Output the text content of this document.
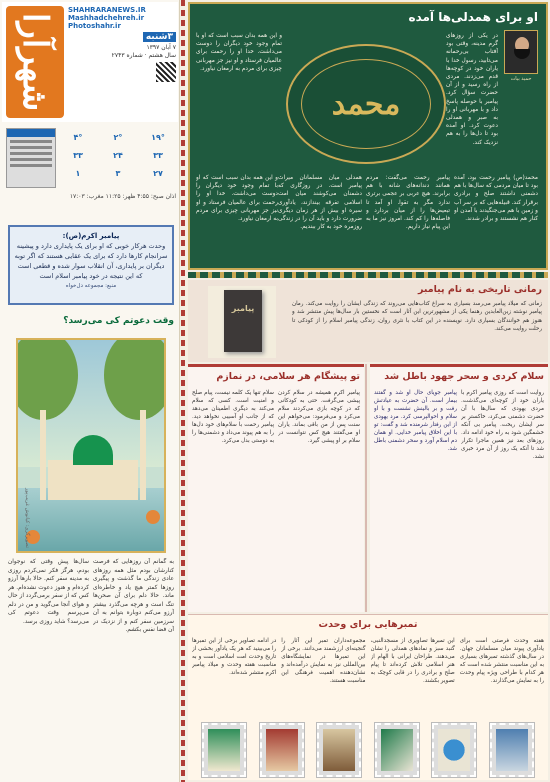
شهرآرا
SHAHRARANEWS.IR
Mashhadchehreh.ir
Photoshahr.ir
۳شنبه
۷ آبان ۱۳۹۷
سال هشتم · شماره ۲۷۴۳
۴°	۲°	۱۹°
۳۳	۲۴	۳۳
۱	۳	۲۷
اذان صبح: ۴:۵۵ ظهر: ۱۱:۲۵ مغرب: ۱۷:۰۳
پیامبر اکرم(ص):
وحدت هرکار خوبی که او برای یک پایداری دارد و پیشینه سرانجام کارها دارد که برای یک عقایی هستند که اگر توبه دیگران بر پایداری، آن انقلاب سوار شده و قطعی است که این نتیجه در خود پیامبر اسلام است
منبع: مجموعه دل‌خواه
وقت دعوتم کی می‌رسد؟
تصویرگری: کیانوش غریب‌پور
به گمانم آن روزهایی که فرصت کنارشان بودم مثل همه روزهای عادی زندگی ما گذشت و پیگیری روزها کمتر هیچ یاد و خاطره‌ای ماند. حالا دلم برای آن صحن‌ها تنگ است و هرچه می‌گذرد بیشتر آرزو می‌کنم دوباره بتوانم به آن سرزمین سفر کنم و از نزدیک در آن فضا نفس بکشم.
سال‌ها پیش وقتی که نوجوان بودم، هرگز فکر نمی‌کردم روزی به مدینه سفر کنم. حالا بارها آرزو کرده‌ام و هنوز دعوت نشده‌ام. هر کس که از سفر برمی‌گردد از حال و هوای آنجا می‌گوید و من در دلم می‌پرسم وقت دعوتم کی می‌رسد؟ شاید روزی برسد.
او برای همدلی‌ها آمده
حمید بیات
در یکی از روزهای گرم مدینه، وقتی بود آفتاب بی‌رحمانه می‌تابید، رسول خدا با یاران خود در کوچه‌ها قدم می‌زدند. مردی از راه رسید و از آن حضرت سؤال کرد. پیامبر با حوصله پاسخ داد و با مهربانی او را به صبر و همدلی دعوت کرد. او آمده بود تا دل‌ها را به هم نزدیک کند.
محمد
و این همه بدان سبب است که او با تمام وجود خود دیگران را دوست می‌داشت. خدا او را رحمت برای عالمیان فرستاد و او نیز جز مهربانی چیزی برای مردم به ارمغان نیاورد.
محمد(ص) پیامبر رحمت بود، آمده بود تا میان مردمی که سال‌ها با هم دشمنی داشتند صلح و برادری برقرار کند. قبیله‌هایی که بر سر آب و زمین با هم می‌جنگیدند با آمدن او کنار هم نشستند و برادر شدند.
پیامبر رحمت می‌گفت: مردم همانند دندانه‌های شانه با هم برابرند. هیچ عربی بر عجمی برتری ندارد مگر به تقوا. او آمد تا تبعیض‌ها را از میان بردارد و فاصله‌ها را کم کند. امروز نیز ما به این پیام نیاز داریم.
همدلی میان مسلمانان میراث پیامبر است. در روزگاری که دشمنان می‌کوشند میان امت اسلامی تفرقه بیندازند، یادآوری سیره او بیش از هر زمان دیگری ضرورت دارد و باید آن را در زندگی روزمره خود به کار ببندیم.
و این همه بدان سبب است که او با تمام وجود خود دیگران را دوست می‌داشت. خدا او را رحمت برای عالمیان فرستاد و او نیز جز مهربانی چیزی برای مردم به ارمغان نیاورد.
رمانی تاریخی به نام پیامبر
زمانی که میلاد پیامبر می‌رسد بسیاری به سراغ کتاب‌هایی می‌روند که زندگی ایشان را روایت می‌کند. رمان پیامبر نوشته زین‌العابدین رهنما یکی از مشهورترین این آثار است که نخستین بار سال‌ها پیش منتشر شد و هنوز هم خوانندگان بسیاری دارد. نویسنده در این کتاب با نثری روان، زندگی پیامبر اسلام را از کودکی تا رحلت روایت می‌کند.
پیامبر
سلام کردی و سحر جهود باطل شد
روایت است که روزی پیامبر اکرم با یاران خود از کوچه‌ای می‌گذشت. مردی یهودی که سال‌ها با آن حضرت دشمنی می‌کرد، خاکستر بر سر ایشان ریخت. پیامبر بی آنکه خشمگین شود به راه خود ادامه داد. روزهای بعد نیز همین ماجرا تکرار شد تا آنکه یک روز از آن مرد خبری نشد.
پیامبر جویای حال او شد و گفتند بیمار است. آن حضرت به عیادتش رفت و بر بالینش نشست و با او سلام و احوالپرسی کرد. مرد یهودی از این رفتار شرمنده شد و گفت: تو با این اخلاق پیامبر خدایی. او همان دم اسلام آورد و سحر دشمنی باطل شد.
تو پیشگام هر سلامی، در نمازم
پیامبر اکرم همیشه در سلام کردن پیشی می‌گرفت. حتی به کودکانی که در کوچه بازی می‌کردند سلام می‌کرد و می‌فرمود: می‌خواهم این سنت پس از من باقی بماند. یاران او می‌گفتند هیچ کس نتوانست در سلام بر او پیشی گیرد.
سلام تنها یک کلمه نیست، پیام صلح و امنیت است. کسی که سلام می‌کند به دیگری اطمینان می‌دهد که از جانب او آسیبی نخواهد دید. پیامبر رحمت با سلام‌های خود دل‌ها را به هم پیوند می‌داد و دشمنی‌ها را به دوستی بدل می‌کرد.
تمبرهایی برای وحدت
هفته وحدت فرصتی است برای یادآوری پیوند میان مسلمانان جهان. در سال‌های گذشته تمبرهای بسیاری به این مناسبت منتشر شده است که هر کدام با طراحی ویژه پیام وحدت را به نمایش می‌گذارند.
این تمبرها تصاویری از مسجدالنبی، گنبد سبز و نمادهای همدلی را نشان می‌دهند. طراحان ایرانی با الهام از هنر اسلامی تلاش کرده‌اند تا پیام صلح و برادری را در قابی کوچک به تصویر بکشند.
مجموعه‌داران تمبر این آثار را گنجینه‌ای ارزشمند می‌دانند. برخی از این تمبرها در نمایشگاه‌های بین‌المللی نیز به نمایش درآمده‌اند و نشان‌دهنده اهمیت فرهنگی این مناسبت هستند.
در ادامه تصاویر برخی از این تمبرها را می‌بینید که هر یک یادآور بخشی از تاریخ وحدت امت اسلامی است و به مناسبت هفته وحدت و میلاد پیامبر اکرم منتشر شده‌اند.
